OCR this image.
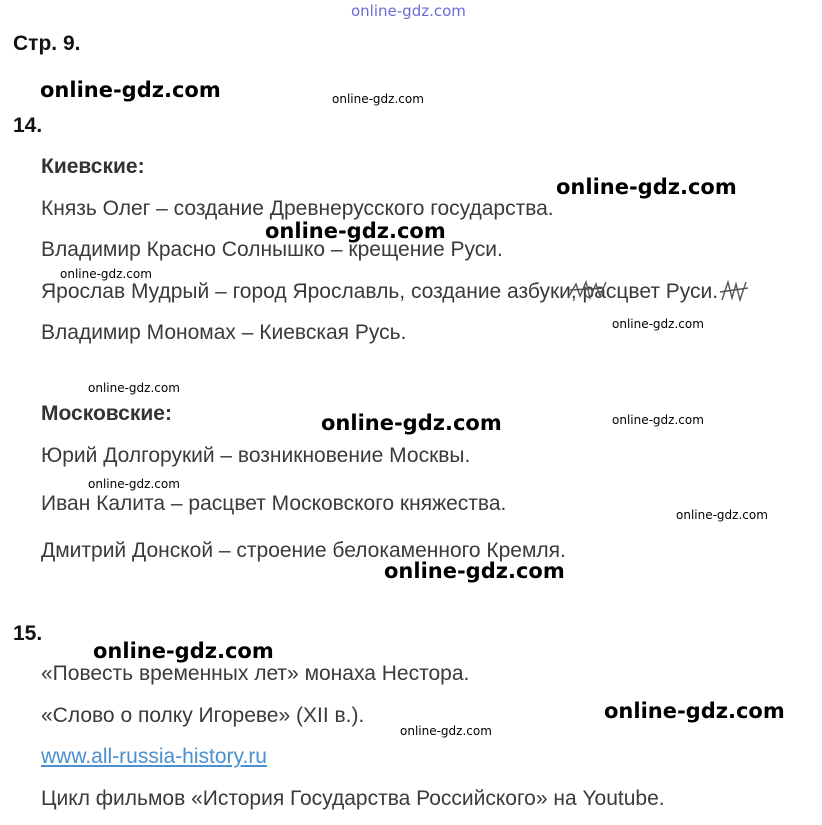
online-gdz.com
Стр. 9.
14.
Киевские:
Князь Олег – создание Древнерусского государства.
Владимир Красно Солнышко – крещение Руси.
Ярослав Мудрый – город Ярославль, создание азбуки, расцвет Руси.
Владимир Мономах – Киевская Русь.
Московские:
Юрий Долгорукий – возникновение Москвы.
Иван Калита – расцвет Московского княжества.
Дмитрий Донской – строение белокаменного Кремля.
15.
«Повесть временных лет» монаха Нестора.
«Слово о полку Игореве» (XII в.).
www.all-russia-history.ru
Цикл фильмов «История Государства Российского» на Youtube.
online-gdz.com	online-gdz.com
online-gdz.com
online-gdz.com
online-gdz.com
online-gdz.com
online-gdz.com
online-gdz.com	online-gdz.com
online-gdz.com
online-gdz.com
online-gdz.com
online-gdz.com
online-gdz.com
online-gdz.com
